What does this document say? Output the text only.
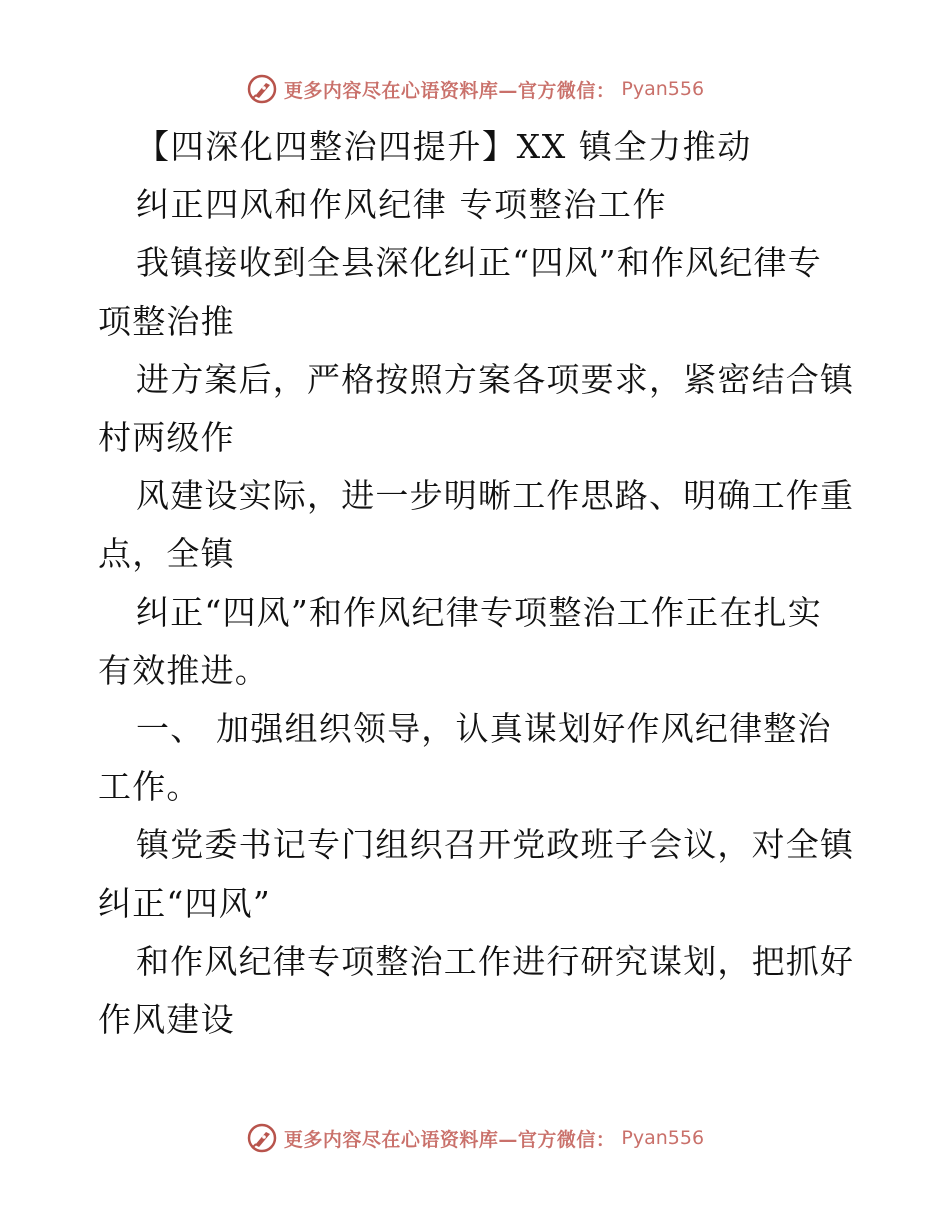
更多内容尽在心语资料库—官方微信： Pyan556
【四深化四整治四提升】XX 镇全力推动
纠正四风和作风纪律 专项整治工作
我镇接收到全县深化纠正“四风”和作风纪律专
项整治推
进方案后，严格按照方案各项要求，紧密结合镇
村两级作
风建设实际，进一步明晰工作思路、明确工作重
点，全镇
纠正“四风”和作风纪律专项整治工作正在扎实
有效推进。
一、 加强组织领导，认真谋划好作风纪律整治
工作。
镇党委书记专门组织召开党政班子会议，对全镇
纠正“四风”
和作风纪律专项整治工作进行研究谋划，把抓好
作风建设
更多内容尽在心语资料库—官方微信： Pyan556
